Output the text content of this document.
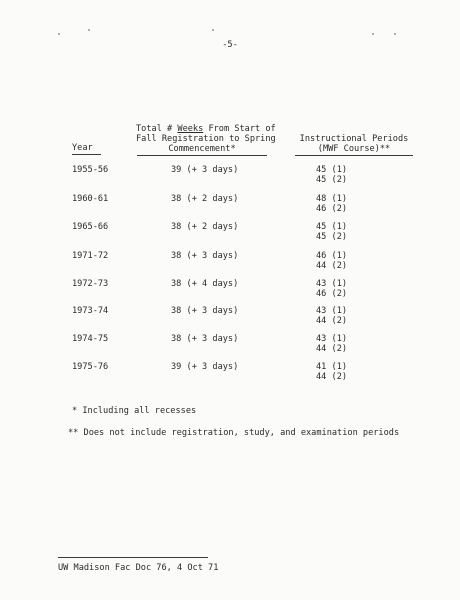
-5-
Year
Total # Weeks From Start of
Fall Registration to Spring
Commencement*
Instructional Periods
(MWF Course)**
1955-56	39 (+ 3 days)	45 (1)
45 (2)
1960-61	38 (+ 2 days)	48 (1)
46 (2)
1965-66	38 (+ 2 days)	45 (1)
45 (2)
1971-72	38 (+ 3 days)	46 (1)
44 (2)
1972-73	38 (+ 4 days)	43 (1)
46 (2)
1973-74	38 (+ 3 days)	43 (1)
44 (2)
1974-75	38 (+ 3 days)	43 (1)
44 (2)
1975-76	39 (+ 3 days)	41 (1)
44 (2)
* Including all recesses
** Does not include registration, study, and examination periods
UW Madison Fac Doc 76, 4 Oct 71
